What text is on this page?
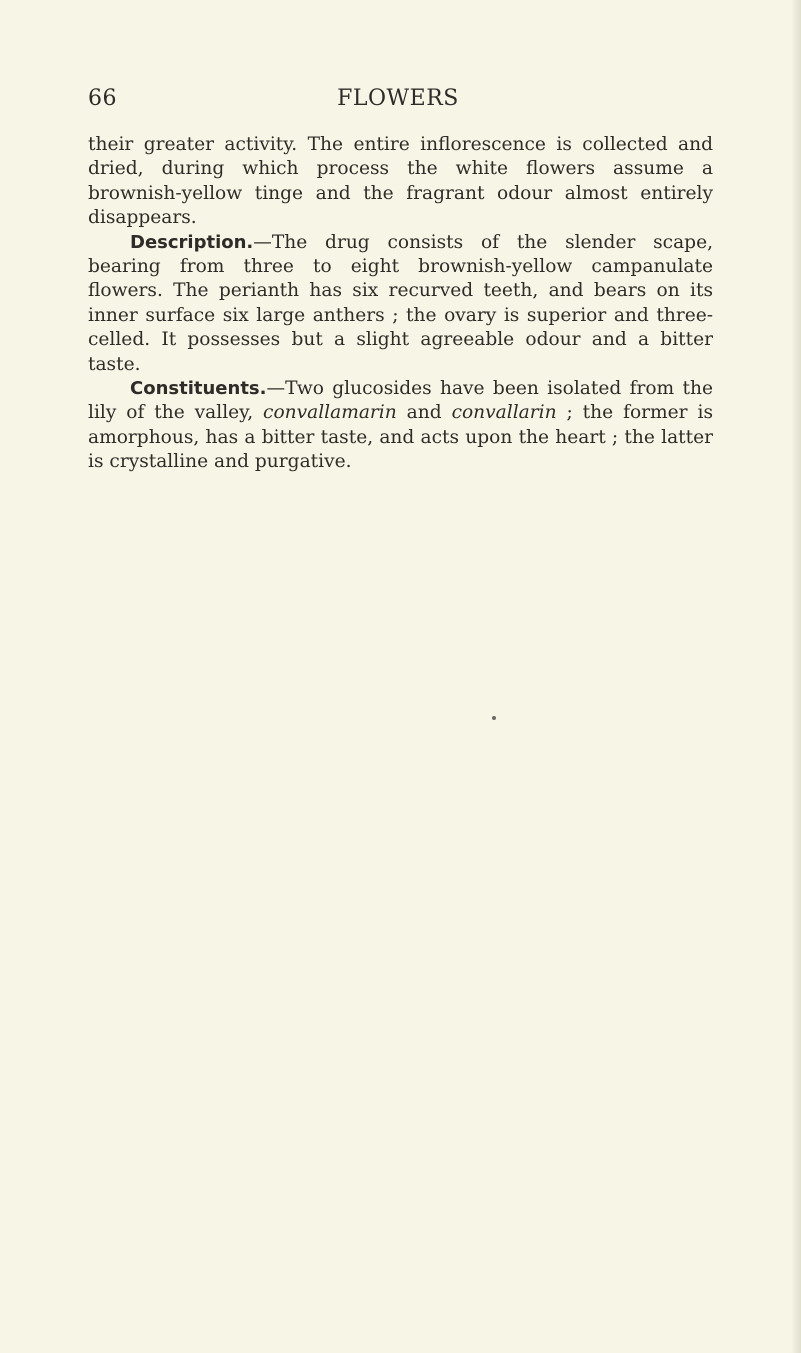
66	FLOWERS

their greater activity. The entire inflorescence is collected and dried, during which process the white flowers assume a brownish-yellow tinge and the fragrant odour almost entirely disappears.

Description.—The drug consists of the slender scape, bearing from three to eight brownish-yellow campanulate flowers. The perianth has six recurved teeth, and bears on its inner surface six large anthers ; the ovary is superior and three-celled. It possesses but a slight agreeable odour and a bitter taste.

Constituents.—Two glucosides have been isolated from the lily of the valley, convallamarin and convallarin ; the former is amorphous, has a bitter taste, and acts upon the heart ; the latter is crystalline and purgative.
